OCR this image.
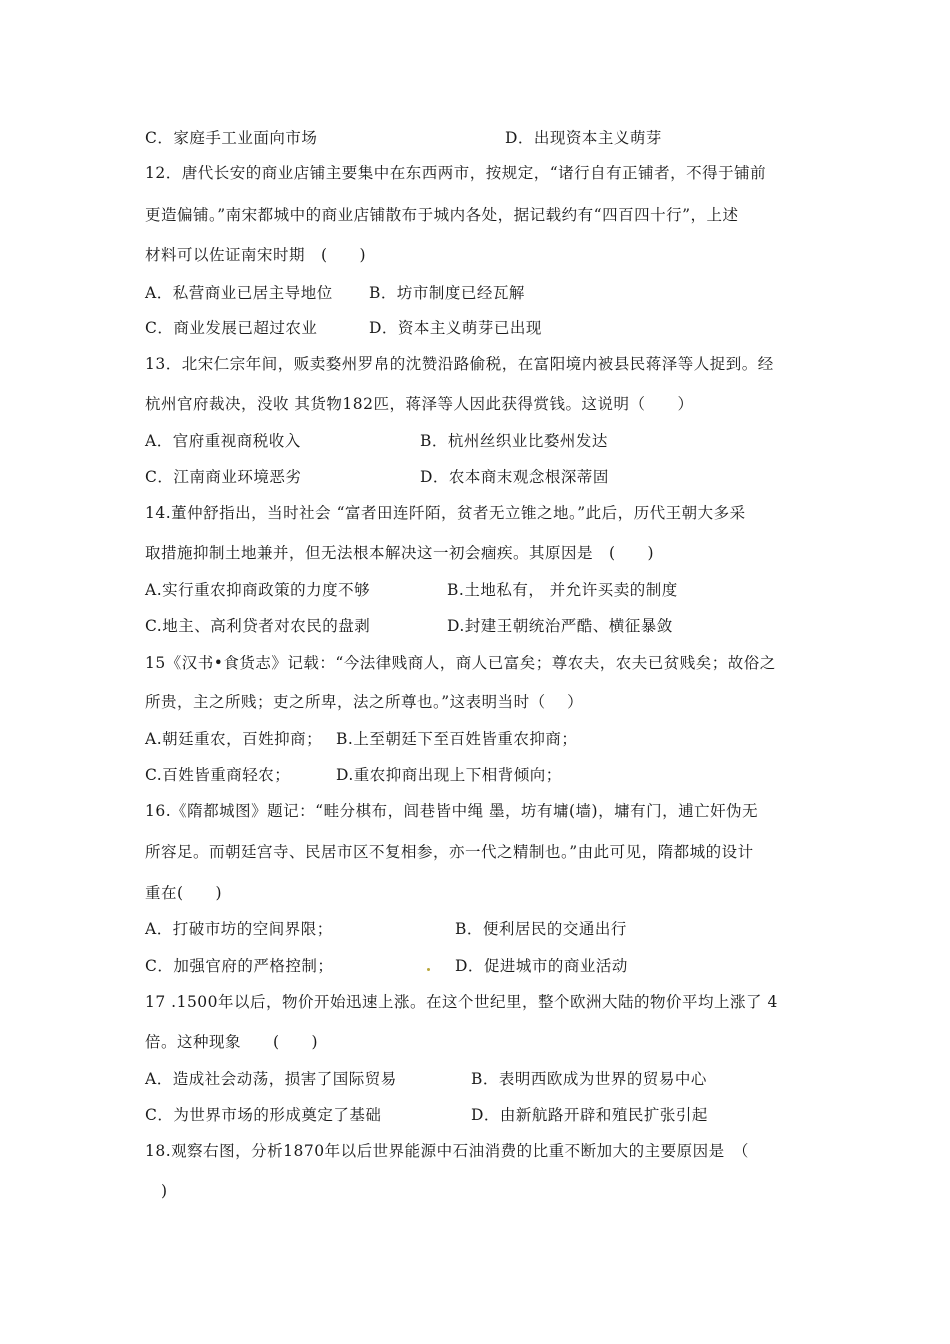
C．家庭手工业面向市场	D．出现资本主义萌芽
12．唐代长安的商业店铺主要集中在东西两市，按规定，“诸行自有正铺者，不得于铺前
更造偏铺。”南宋都城中的商业店铺散布于城内各处，据记载约有“四百四十行”，上述
材料可以佐证南宋时期　(　　)
A．私营商业已居主导地位 B．坊市制度已经瓦解
C．商业发展已超过农业	D．资本主义萌芽已出现
13．北宋仁宗年间，贩卖婺州罗帛的沈赞沿路偷税，在富阳境内被县民蒋泽等人捉到。经
杭州官府裁决，没收 其货物182匹，蒋泽等人因此获得赏钱。这说明（　　）
A．官府重视商税收入	B．杭州丝织业比婺州发达
C．江南商业环境恶劣	D．农本商末观念根深蒂固
14.董仲舒指出，当时社会 “富者田连阡陌，贫者无立锥之地。”此后，历代王朝大多采
取措施抑制土地兼并，但无法根本解决这一初会痼疾。其原因是　(　　)
A.实行重农抑商政策的力度不够	B.土地私有， 并允许买卖的制度
C.地主、高利贷者对农民的盘剥	D.封建王朝统治严酷、横征暴敛
15《汉书•食货志》记载：“今法律贱商人，商人已富矣；尊农夫，农夫已贫贱矣；故俗之
所贵，主之所贱；吏之所卑，法之所尊也。”这表明当时（　 ）
A.朝廷重农，百姓抑商； B.上至朝廷下至百姓皆重农抑商；
C.百姓皆重商轻农；	D.重农抑商出现上下相背倾向；
16.《隋都城图》题记：“畦分棋布，闾巷皆中绳 墨，坊有墉(墙)，墉有门，逋亡奸伪无
所容足。而朝廷宫寺、民居市区不复相参，亦一代之精制也。”由此可见，隋都城的设计
重在(　　)
A．打破市坊的空间界限；	B．便利居民的交通出行
C．加强官府的严格控制；	D．促进城市的商业活动
17 .1500年以后，物价开始迅速上涨。在这个世纪里，整个欧洲大陆的物价平均上涨了 4
倍。这种现象　　(　　)
A．造成社会动荡，损害了国际贸易	B．表明西欧成为世界的贸易中心
C．为世界市场的形成奠定了基础	D．由新航路开辟和殖民扩张引起
18.观察右图，分析1870年以后世界能源中石油消费的比重不断加大的主要原因是　（
　)
